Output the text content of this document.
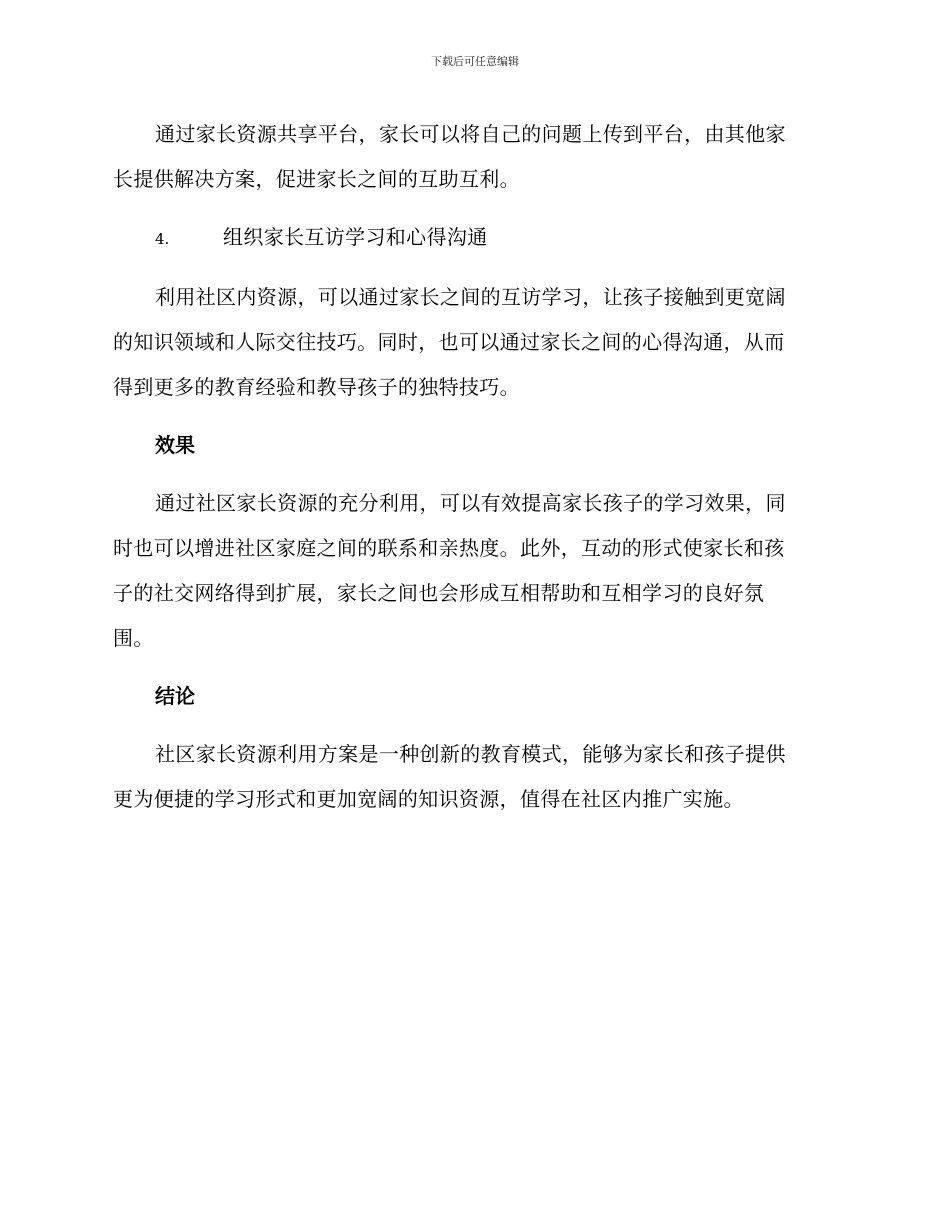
下载后可任意编辑

通过家长资源共享平台，家长可以将自己的问题上传到平台，由其他家
长提供解决方案，促进家长之间的互助互利。

4.	组织家长互访学习和心得沟通

利用社区内资源，可以通过家长之间的互访学习，让孩子接触到更宽阔
的知识领域和人际交往技巧。同时，也可以通过家长之间的心得沟通，从而
得到更多的教育经验和教导孩子的独特技巧。

效果

通过社区家长资源的充分利用，可以有效提高家长孩子的学习效果，同
时也可以增进社区家庭之间的联系和亲热度。此外，互动的形式使家长和孩
子的社交网络得到扩展，家长之间也会形成互相帮助和互相学习的良好氛
围。

结论

社区家长资源利用方案是一种创新的教育模式，能够为家长和孩子提供
更为便捷的学习形式和更加宽阔的知识资源，值得在社区内推广实施。
